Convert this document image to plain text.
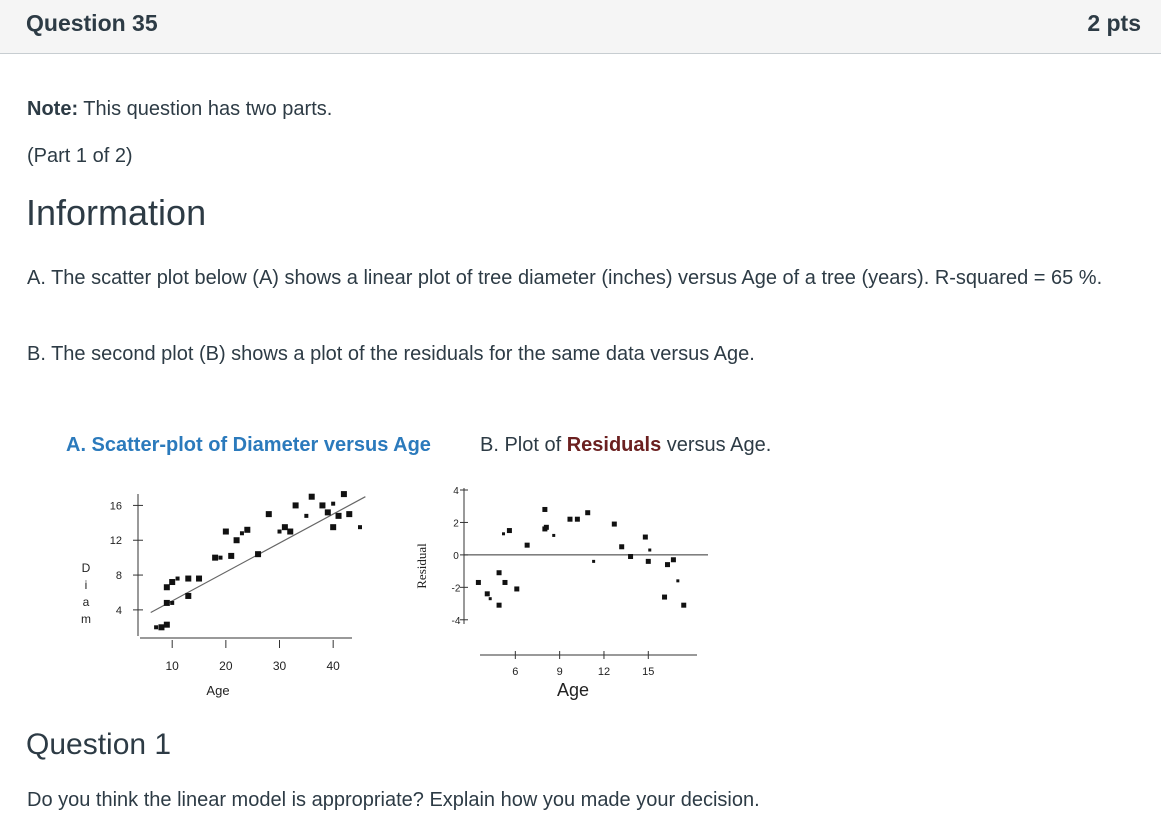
Question 35	2 pts
Note: This question has two parts.
(Part 1 of 2)
Information
A. The scatter plot below (A) shows a linear plot of tree diameter (inches) versus Age of a tree (years). R-squared = 65 %.
B. The second plot (B) shows a plot of the residuals for the same data versus Age.
A. Scatter-plot of Diameter versus Age B. Plot of Residuals versus Age.
4
8
12
16
10	20	30	40
Age
D
i
a
m
4
2
0
-2
-4
6	9	12	15
Age
Residual
Question 1
Do you think the linear model is appropriate? Explain how you made your decision.
